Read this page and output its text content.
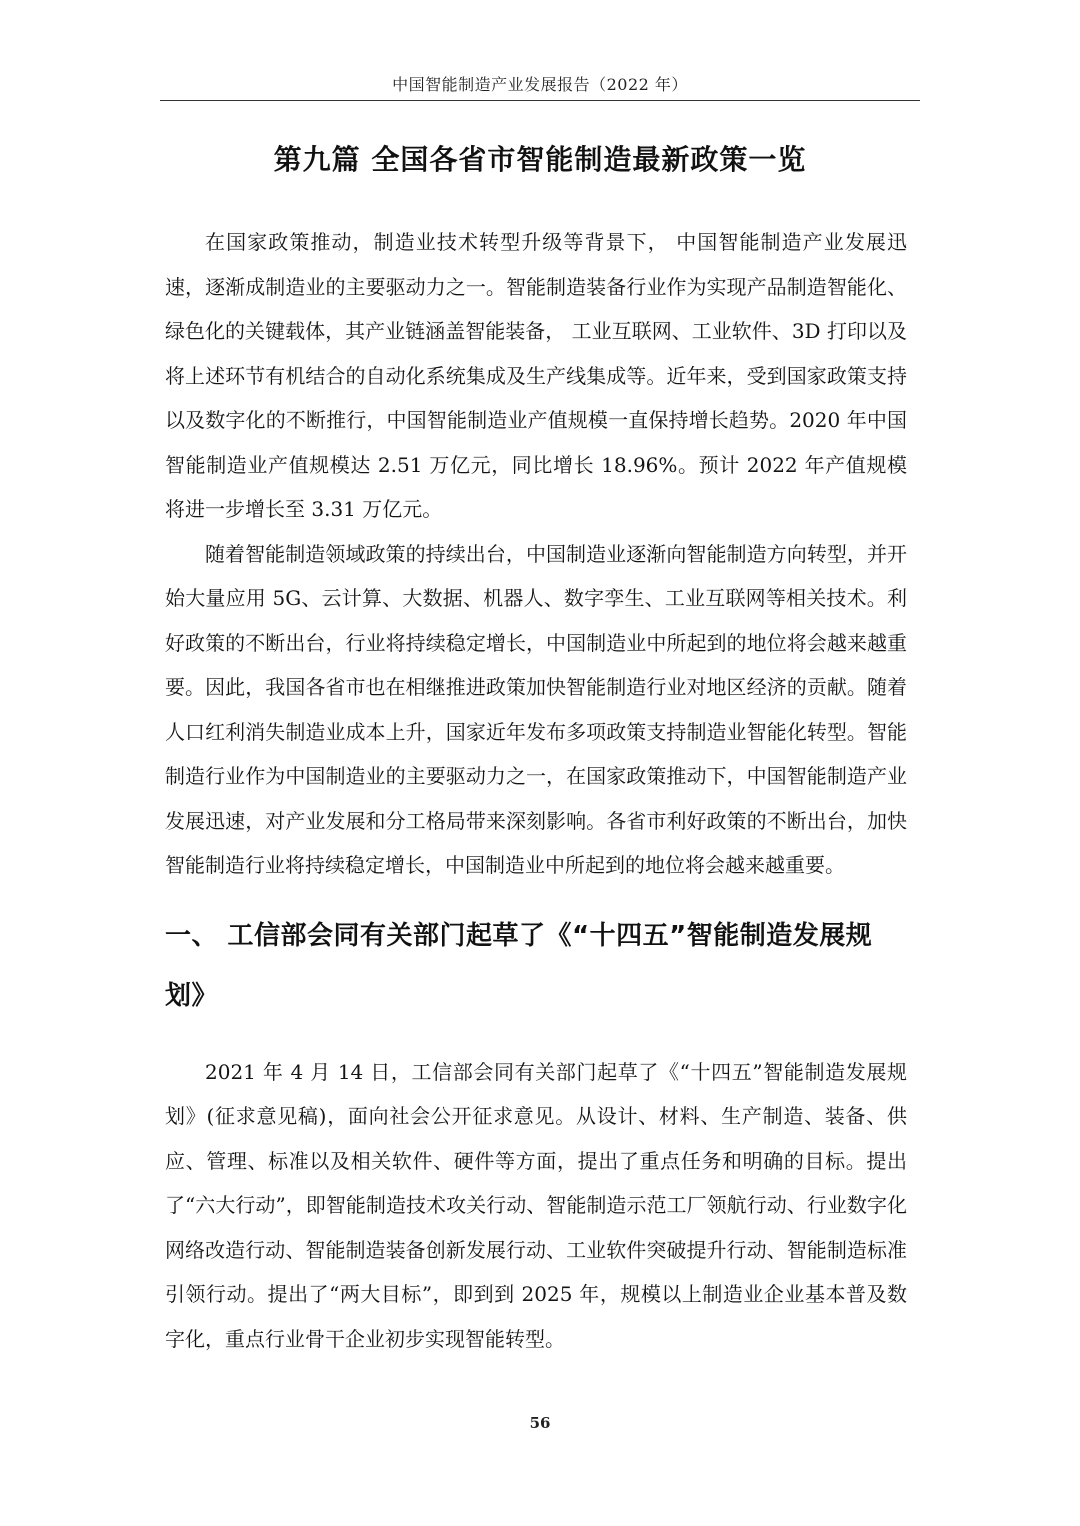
中国智能制造产业发展报告（2022 年）
第九篇 全国各省市智能制造最新政策一览

在国家政策推动，制造业技术转型升级等背景下， 中国智能制造产业发展迅速，逐渐成制造业的主要驱动力之一。智能制造装备行业作为实现产品制造智能化、绿色化的关键载体，其产业链涵盖智能装备， 工业互联网、工业软件、3D 打印以及将上述环节有机结合的自动化系统集成及生产线集成等。近年来，受到国家政策支持以及数字化的不断推行，中国智能制造业产值规模一直保持增长趋势。2020 年中国智能制造业产值规模达 2.51 万亿元，同比增长 18.96%。预计 2022 年产值规模将进一步增长至 3.31 万亿元。

随着智能制造领域政策的持续出台，中国制造业逐渐向智能制造方向转型，并开始大量应用 5G、云计算、大数据、机器人、数字孪生、工业互联网等相关技术。利好政策的不断出台，行业将持续稳定增长，中国制造业中所起到的地位将会越来越重要。因此，我国各省市也在相继推进政策加快智能制造行业对地区经济的贡献。随着人口红利消失制造业成本上升，国家近年发布多项政策支持制造业智能化转型。智能制造行业作为中国制造业的主要驱动力之一，在国家政策推动下，中国智能制造产业发展迅速，对产业发展和分工格局带来深刻影响。各省市利好政策的不断出台，加快智能制造行业将持续稳定增长，中国制造业中所起到的地位将会越来越重要。

一、 工信部会同有关部门起草了《“十四五”智能制造发展规划》

2021 年 4 月 14 日，工信部会同有关部门起草了《“十四五”智能制造发展规划》(征求意见稿)，面向社会公开征求意见。从设计、材料、生产制造、装备、供应、管理、标准以及相关软件、硬件等方面，提出了重点任务和明确的目标。提出了“六大行动”，即智能制造技术攻关行动、智能制造示范工厂领航行动、行业数字化网络改造行动、智能制造装备创新发展行动、工业软件突破提升行动、智能制造标准引领行动。提出了“两大目标”，即到到 2025 年，规模以上制造业企业基本普及数字化，重点行业骨干企业初步实现智能转型。

56
